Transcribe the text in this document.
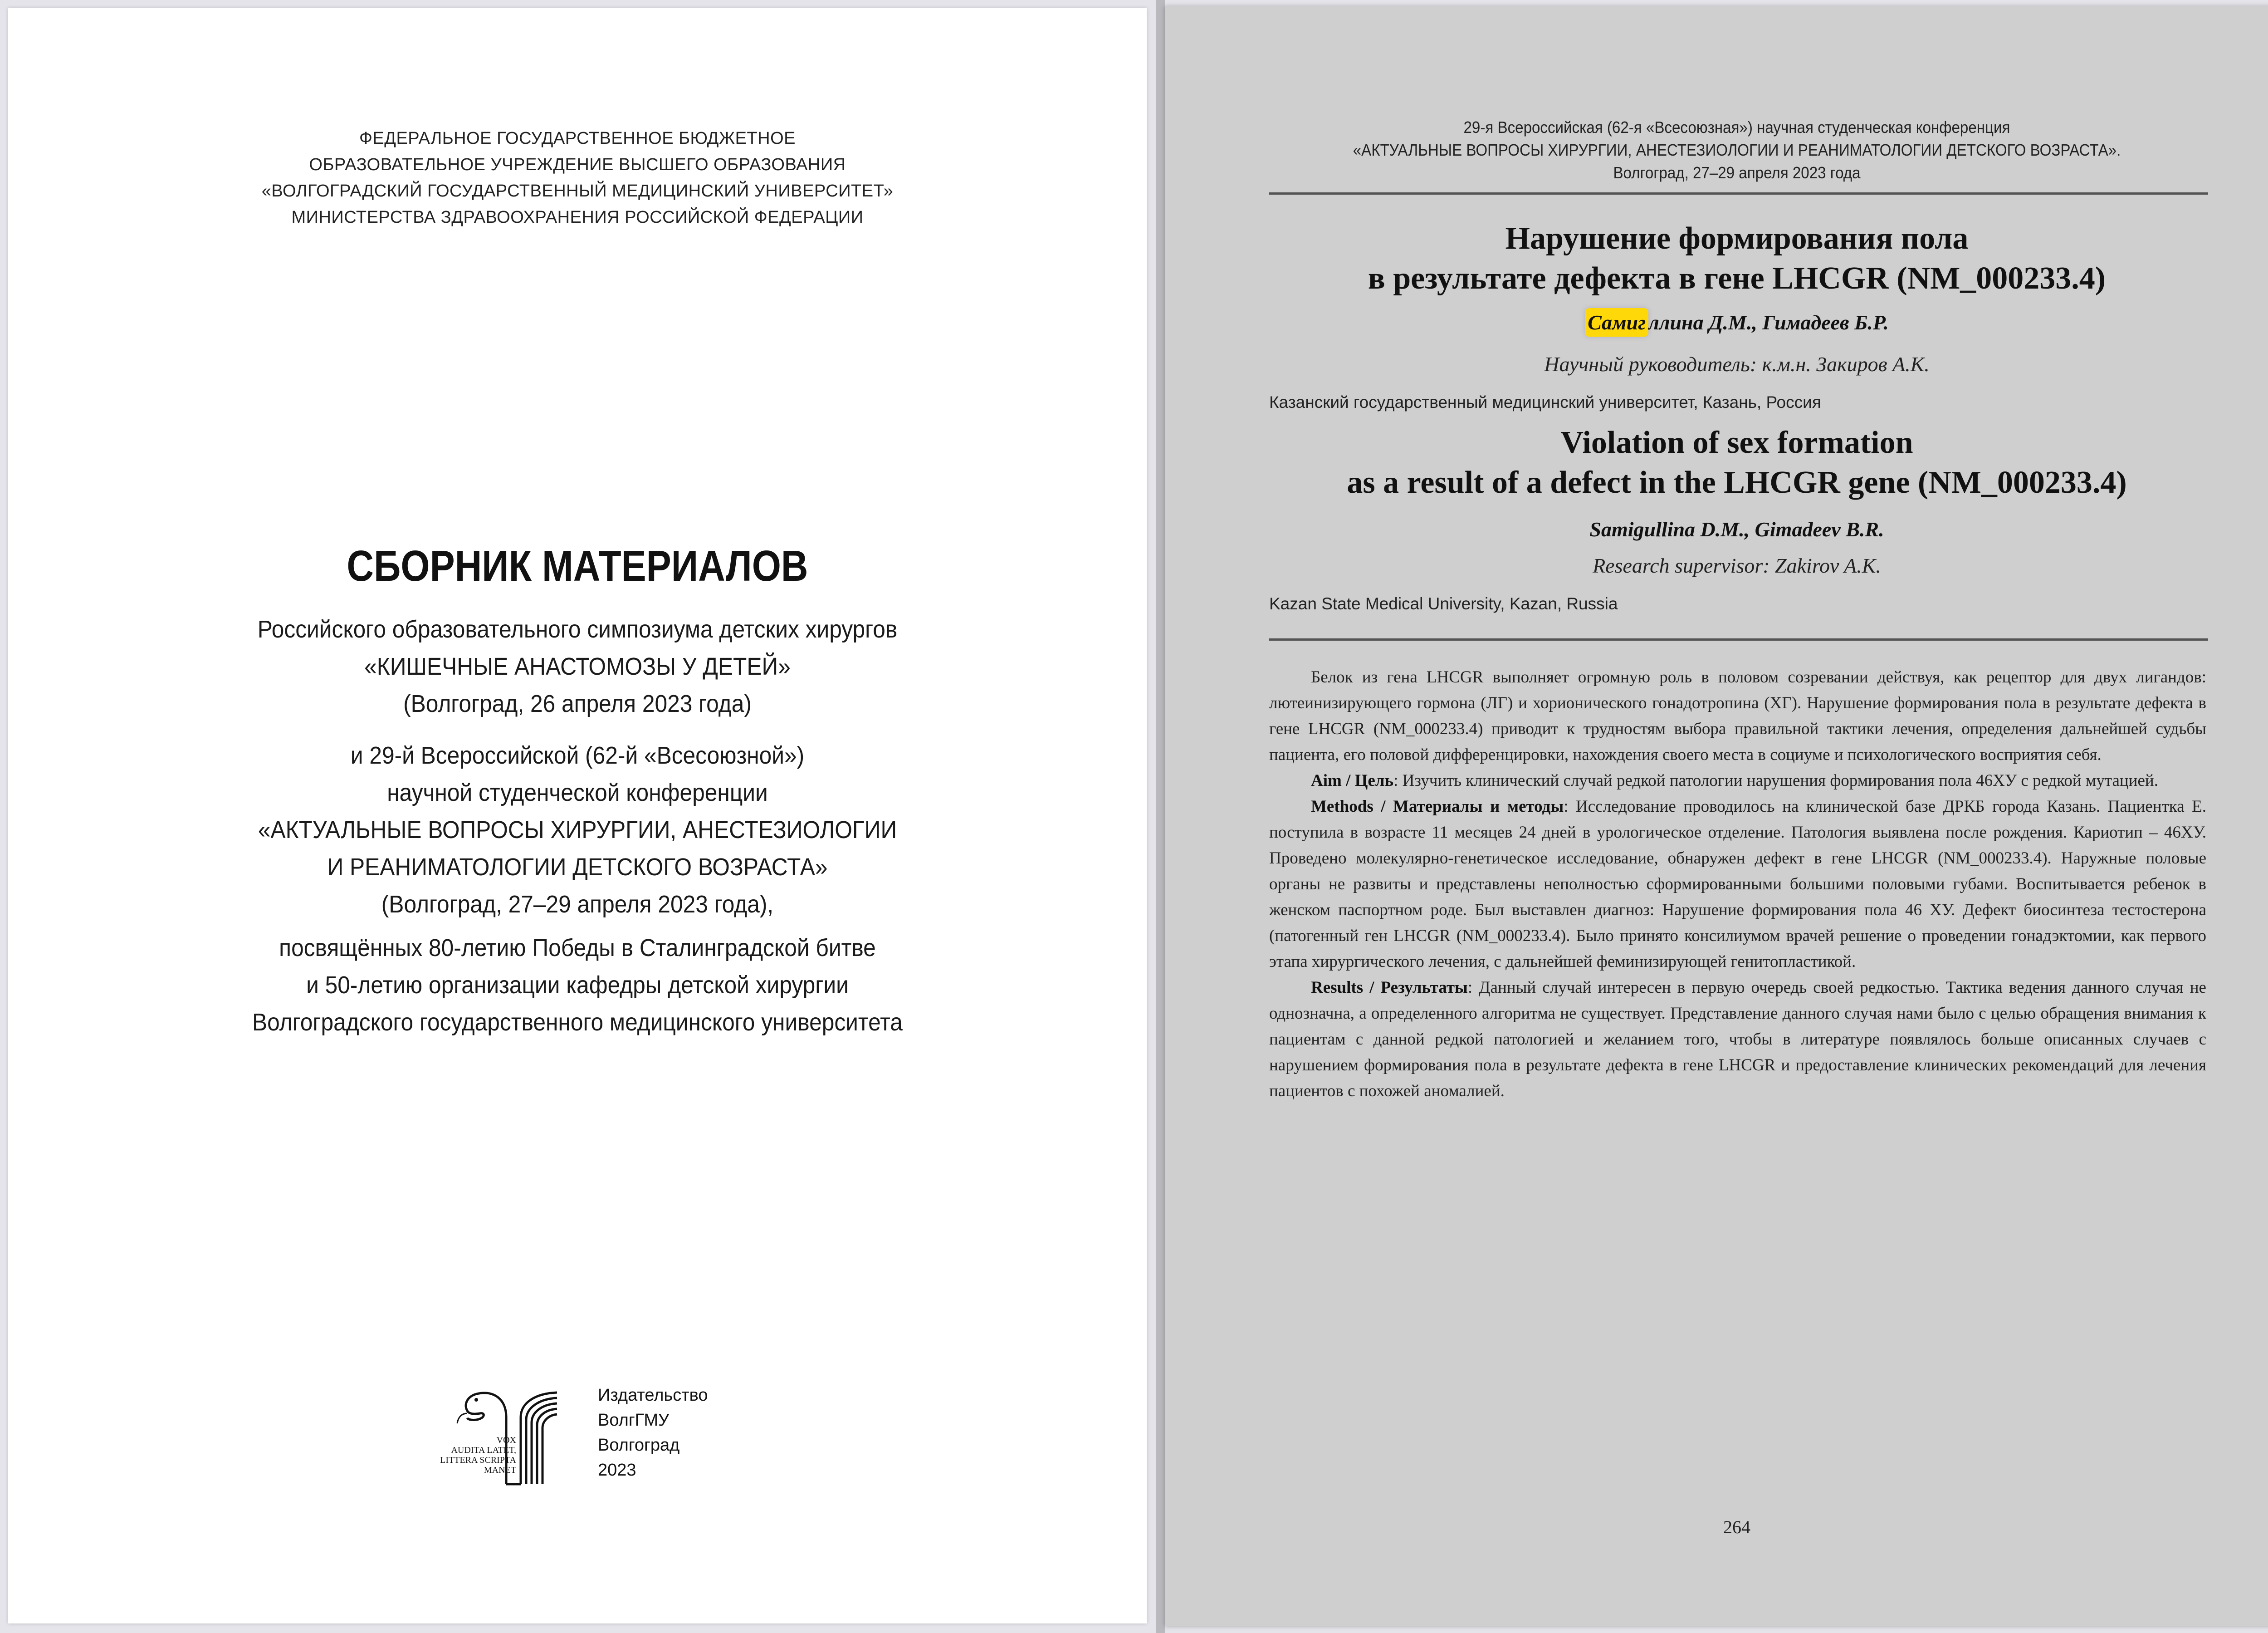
ФЕДЕРАЛЬНОЕ ГОСУДАРСТВЕННОЕ БЮДЖЕТНОЕ
ОБРАЗОВАТЕЛЬНОЕ УЧРЕЖДЕНИЕ ВЫСШЕГО ОБРАЗОВАНИЯ
«ВОЛГОГРАДСКИЙ ГОСУДАРСТВЕННЫЙ МЕДИЦИНСКИЙ УНИВЕРСИТЕТ»
МИНИСТЕРСТВА ЗДРАВООХРАНЕНИЯ РОССИЙСКОЙ ФЕДЕРАЦИИ
СБОРНИК МАТЕРИАЛОВ
Российского образовательного симпозиума детских хирургов
«КИШЕЧНЫЕ АНАСТОМОЗЫ У ДЕТЕЙ»
(Волгоград, 26 апреля 2023 года)
и 29-й Всероссийской (62-й «Всесоюзной»)
научной студенческой конференции
«АКТУАЛЬНЫЕ ВОПРОСЫ ХИРУРГИИ, АНЕСТЕЗИОЛОГИИ
И РЕАНИМАТОЛОГИИ ДЕТСКОГО ВОЗРАСТА»
(Волгоград, 27–29 апреля 2023 года),
посвящённых 80-летию Победы в Сталинградской битве
и 50-летию организации кафедры детской хирургии
Волгоградского государственного медицинского университета
VOX
AUDITA LATET,
LITTERA SCRIPTA
MANET
Издательство
ВолгГМУ
Волгоград
2023
29-я Всероссийская (62-я «Всесоюзная») научная студенческая конференция
«АКТУАЛЬНЫЕ ВОПРОСЫ ХИРУРГИИ, АНЕСТЕЗИОЛОГИИ И РЕАНИМАТОЛОГИИ ДЕТСКОГО ВОЗРАСТА».
Волгоград, 27–29 апреля 2023 года
Нарушение формирования пола
в результате дефекта в гене LHCGR (NM_000233.4)
Самиг ллина Д.М., Гимадеев Б.Р.
Научный руководитель: к.м.н. Закиров А.К.
Казанский государственный медицинский университет, Казань, Россия
Violation of sex formation
as a result of a defect in the LHCGR gene (NM_000233.4)
Samigullina D.M., Gimadeev B.R.
Research supervisor: Zakirov A.K.
Kazan State Medical University, Kazan, Russia

Белок из гена LHCGR выполняет огромную роль в половом созревании действуя, как рецептор для двух лигандов: лютеинизирующего гормона (ЛГ) и хорионического гонадотропина (ХГ). Нарушение формирования пола в результате дефекта в гене LHCGR (NM_000233.4) приводит к трудностям выбора правильной тактики лечения, определения дальнейшей судьбы пациента, его половой дифференцировки, нахождения своего места в социуме и психологического восприятия себя.

Aim / Цель: Изучить клинический случай редкой патологии нарушения формирования пола 46ХУ с редкой мутацией.

Methods / Материалы и методы: Исследование проводилось на клинической базе ДРКБ города Казань. Пациентка Е. поступила в возрасте 11 месяцев 24 дней в урологическое отделение. Патология выявлена после рождения. Кариотип – 46ХУ. Проведено молекулярно-генетическое исследование, обнаружен дефект в гене LHCGR (NM_000233.4). Наружные половые органы не развиты и представлены неполностью сформированными большими половыми губами. Воспитывается ребенок в женском паспортном роде. Был выставлен диагноз: Нарушение формирования пола 46 ХУ. Дефект биосинтеза тестостерона (патогенный ген LHCGR (NM_000233.4). Было принято консилиумом врачей решение о проведении гонадэктомии, как первого этапа хирургического лечения, с дальнейшей феминизирующей генитопластикой.

Results / Результаты: Данный случай интересен в первую очередь своей редкостью. Тактика ведения данного случая не однозначна, а определенного алгоритма не существует. Представление данного случая нами было с целью обращения внимания к пациентам с данной редкой патологией и желанием того, чтобы в литературе появлялось больше описанных случаев с нарушением формирования пола в результате дефекта в гене LHCGR и предоставление клинических рекомендаций для лечения пациентов с похожей аномалией.

264
